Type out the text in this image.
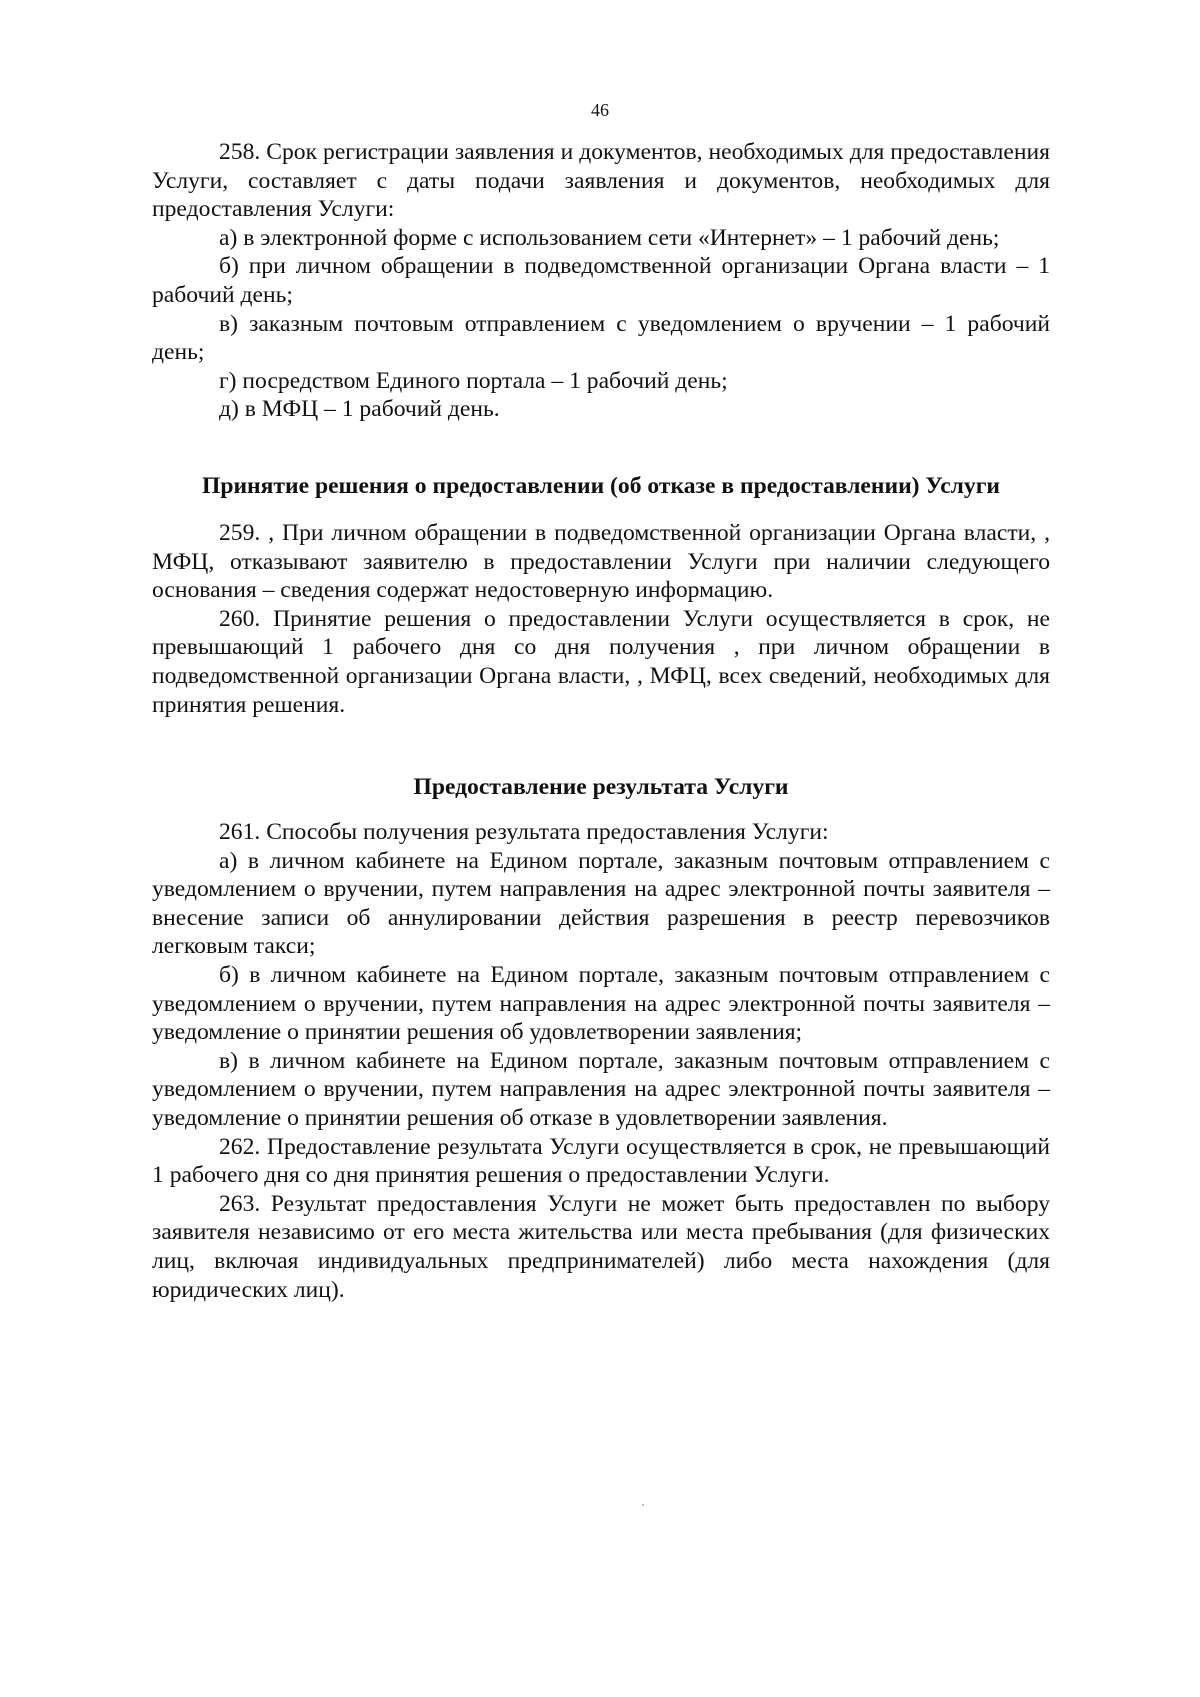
46

258. Срок регистрации заявления и документов, необходимых для предоставления Услуги, составляет с даты подачи заявления и документов, необходимых для предоставления Услуги:

а) в электронной форме с использованием сети «Интернет» – 1 рабочий день;

б) при личном обращении в подведомственной организации Органа власти – 1 рабочий день;

в) заказным почтовым отправлением с уведомлением о вручении – 1 рабочий день;

г) посредством Единого портала – 1 рабочий день;

д) в МФЦ – 1 рабочий день.

Принятие решения о предоставлении (об отказе в предоставлении) Услуги

259. , При личном обращении в подведомственной организации Органа власти, , МФЦ, отказывают заявителю в предоставлении Услуги при наличии следующего основания – сведения содержат недостоверную информацию.

260. Принятие решения о предоставлении Услуги осуществляется в срок, не превышающий 1 рабочего дня со дня получения , при личном обращении в подведомственной организации Органа власти, , МФЦ, всех сведений, необходимых для принятия решения.

Предоставление результата Услуги

261. Способы получения результата предоставления Услуги:

а) в личном кабинете на Едином портале, заказным почтовым отправлением с уведомлением о вручении, путем направления на адрес электронной почты заявителя – внесение записи об аннулировании действия разрешения в реестр перевозчиков легковым такси;

б) в личном кабинете на Едином портале, заказным почтовым отправлением с уведомлением о вручении, путем направления на адрес электронной почты заявителя – уведомление о принятии решения об удовлетворении заявления;

в) в личном кабинете на Едином портале, заказным почтовым отправлением с уведомлением о вручении, путем направления на адрес электронной почты заявителя – уведомление о принятии решения об отказе в удовлетворении заявления.

262. Предоставление результата Услуги осуществляется в срок, не превышающий 1 рабочего дня со дня принятия решения о предоставлении Услуги.

263. Результат предоставления Услуги не может быть предоставлен по выбору заявителя независимо от его места жительства или места пребывания (для физических лиц, включая индивидуальных предпринимателей) либо места нахождения (для юридических лиц).
